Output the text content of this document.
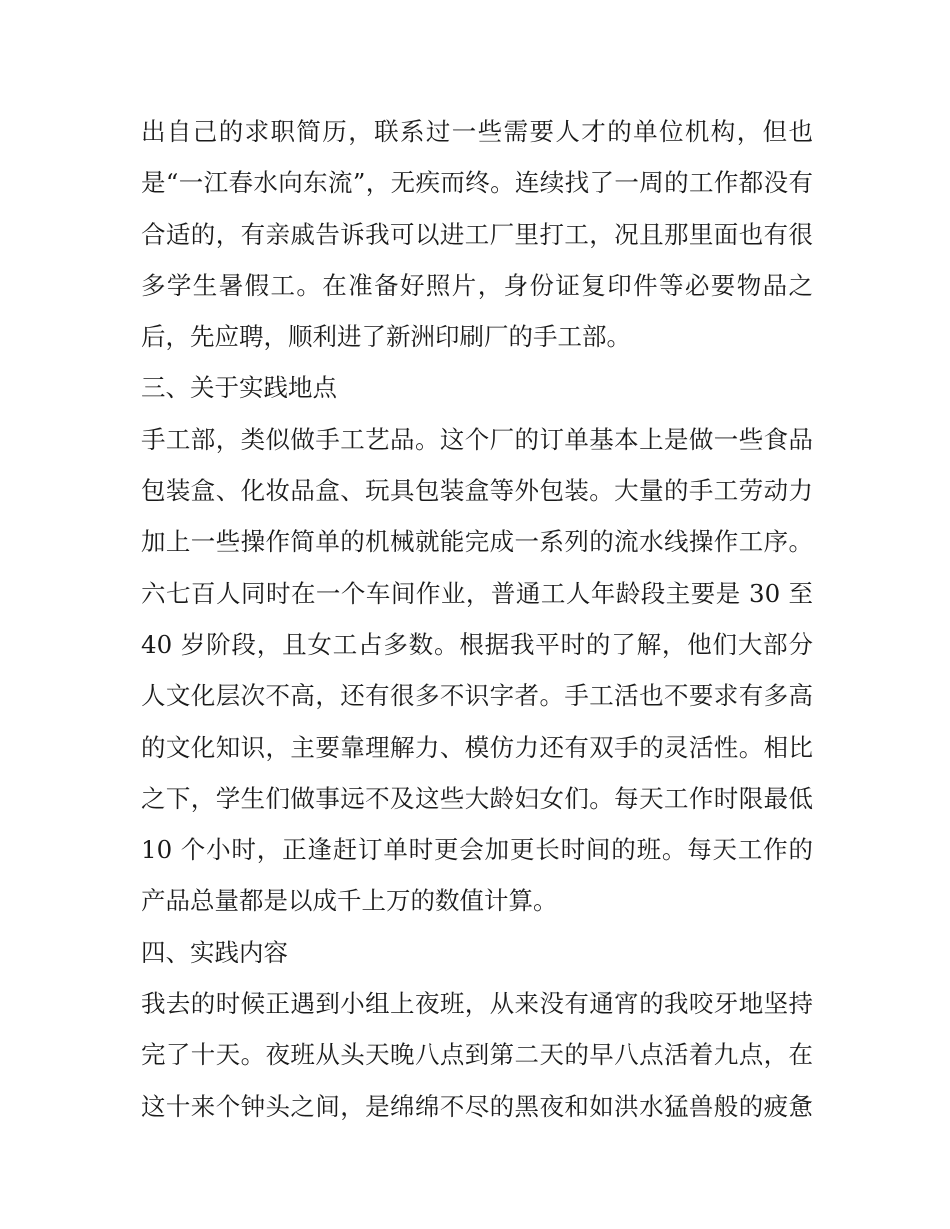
出自己的求职简历，联系过一些需要人才的单位机构，但也
是“一江春水向东流”，无疾而终。连续找了一周的工作都没有
合适的，有亲戚告诉我可以进工厂里打工，况且那里面也有很
多学生暑假工。在准备好照片，身份证复印件等必要物品之
后，先应聘，顺利进了新洲印刷厂的手工部。
三、关于实践地点
手工部，类似做手工艺品。这个厂的订单基本上是做一些食品
包装盒、化妆品盒、玩具包装盒等外包装。大量的手工劳动力
加上一些操作简单的机械就能完成一系列的流水线操作工序。
六七百人同时在一个车间作业，普通工人年龄段主要是 30 至
40 岁阶段，且女工占多数。根据我平时的了解，他们大部分
人文化层次不高，还有很多不识字者。手工活也不要求有多高
的文化知识，主要靠理解力、模仿力还有双手的灵活性。相比
之下，学生们做事远不及这些大龄妇女们。每天工作时限最低
10 个小时，正逢赶订单时更会加更长时间的班。每天工作的
产品总量都是以成千上万的数值计算。
四、实践内容
我去的时候正遇到小组上夜班，从来没有通宵的我咬牙地坚持
完了十天。夜班从头天晚八点到第二天的早八点活着九点，在
这十来个钟头之间，是绵绵不尽的黑夜和如洪水猛兽般的疲惫
